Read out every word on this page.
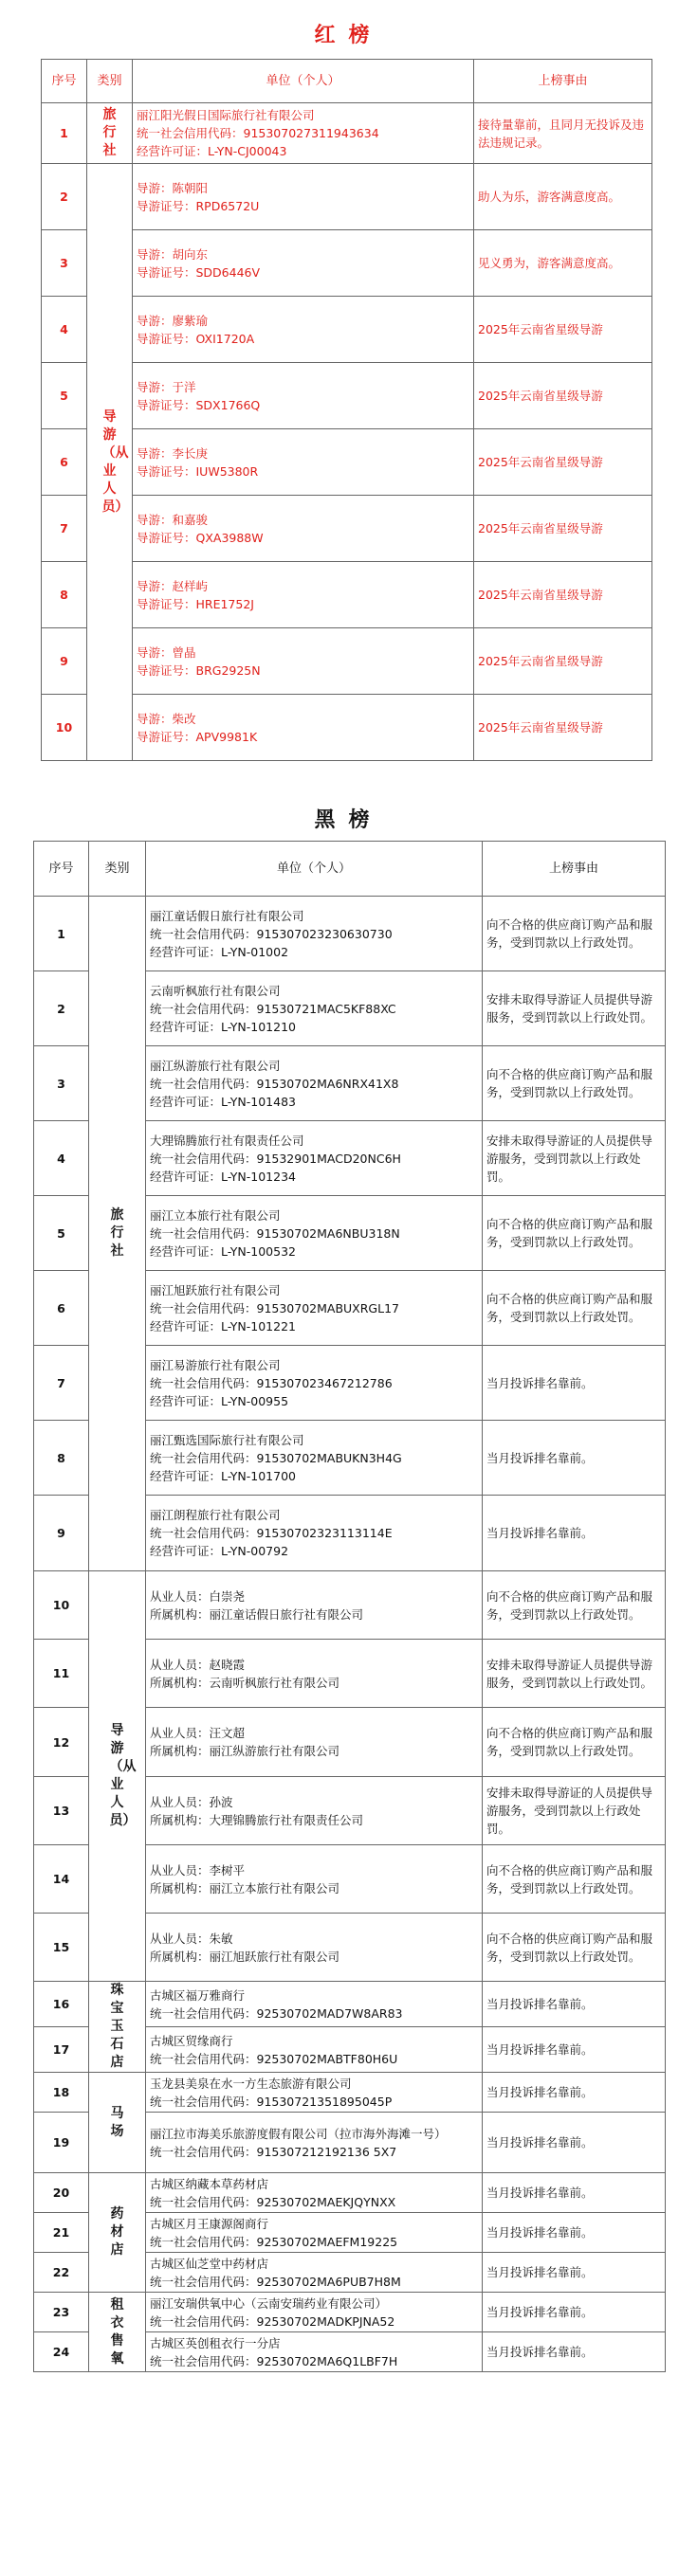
红榜
序号	类别	单位（个人）	上榜事由
1	旅行社	丽江阳光假日国际旅行社有限公司
统一社会信用代码：915307027311943634
经营许可证：L-YN-CJ00043	接待量靠前，且同月无投诉及违法违规记录。
2	导游（从业人员）	导游：陈朝阳
导游证号：RPD6572U	助人为乐，游客满意度高。
3		导游：胡向东
导游证号：SDD6446V	见义勇为，游客满意度高。
4		导游：廖紫瑜
导游证号：OXI1720A	2025年云南省星级导游
5		导游：于洋
导游证号：SDX1766Q	2025年云南省星级导游
6		导游：李长庚
导游证号：IUW5380R	2025年云南省星级导游
7		导游：和嘉骏
导游证号：QXA3988W	2025年云南省星级导游
8		导游：赵样屿
导游证号：HRE1752J	2025年云南省星级导游
9		导游：曾晶
导游证号：BRG2925N	2025年云南省星级导游
10		导游：柴改
导游证号：APV9981K	2025年云南省星级导游
黑榜
序号	类别	单位（个人）	上榜事由
1	旅行社	丽江童话假日旅行社有限公司
统一社会信用代码：915307023230630730
经营许可证：L-YN-01002	向不合格的供应商订购产品和服务，受到罚款以上行政处罚。
2		云南听枫旅行社有限公司
统一社会信用代码：91530721MAC5KF88XC
经营许可证：L-YN-101210	安排未取得导游证人员提供导游服务，受到罚款以上行政处罚。
3		丽江纵游旅行社有限公司
统一社会信用代码：91530702MA6NRX41X8
经营许可证：L-YN-101483	向不合格的供应商订购产品和服务，受到罚款以上行政处罚。
4		大理锦腾旅行社有限责任公司
统一社会信用代码：91532901MACD20NC6H
经营许可证：L-YN-101234	安排未取得导游证的人员提供导游服务，受到罚款以上行政处罚。
5		丽江立本旅行社有限公司
统一社会信用代码：91530702MA6NBU318N
经营许可证：L-YN-100532	向不合格的供应商订购产品和服务，受到罚款以上行政处罚。
6		丽江旭跃旅行社有限公司
统一社会信用代码：91530702MABUXRGL17
经营许可证：L-YN-101221	向不合格的供应商订购产品和服务，受到罚款以上行政处罚。
7		丽江易游旅行社有限公司
统一社会信用代码：915307023467212786
经营许可证：L-YN-00955	当月投诉排名靠前。
8		丽江甄选国际旅行社有限公司
统一社会信用代码：91530702MABUKN3H4G
经营许可证：L-YN-101700	当月投诉排名靠前。
9		丽江朗程旅行社有限公司
统一社会信用代码：91530702323113114E
经营许可证：L-YN-00792	当月投诉排名靠前。
10	导游（从业人员）	从业人员：白崇尧
所属机构：丽江童话假日旅行社有限公司	向不合格的供应商订购产品和服务，受到罚款以上行政处罚。
11		从业人员：赵晓霞
所属机构：云南听枫旅行社有限公司	安排未取得导游证人员提供导游服务，受到罚款以上行政处罚。
12		从业人员：汪文超
所属机构：丽江纵游旅行社有限公司	向不合格的供应商订购产品和服务，受到罚款以上行政处罚。
13		从业人员：孙波
所属机构：大理锦腾旅行社有限责任公司	安排未取得导游证的人员提供导游服务，受到罚款以上行政处罚。
14		从业人员：李树平
所属机构：丽江立本旅行社有限公司	向不合格的供应商订购产品和服务，受到罚款以上行政处罚。
15		从业人员：朱敏
所属机构：丽江旭跃旅行社有限公司	向不合格的供应商订购产品和服务，受到罚款以上行政处罚。
16	珠宝玉石店	古城区福万雅商行
统一社会信用代码：92530702MAD7W8AR83	当月投诉排名靠前。
17		古城区贸缘商行
统一社会信用代码：92530702MABTF80H6U	当月投诉排名靠前。
18	马场	玉龙县美泉在水一方生态旅游有限公司
统一社会信用代码：91530721351895045P	当月投诉排名靠前。
19		丽江拉市海美乐旅游度假有限公司（拉市海外海滩一号）
统一社会信用代码：915307212192136 5X7	当月投诉排名靠前。
20	药材店	古城区纳藏本草药材店
统一社会信用代码：92530702MAEKJQYNXX	当月投诉排名靠前。
21		古城区月王康源阁商行
统一社会信用代码：92530702MAEFM19225	当月投诉排名靠前。
22		古城区仙芝堂中药材店
统一社会信用代码：92530702MA6PUB7H8M	当月投诉排名靠前。
23	租衣售氧	丽江安瑞供氧中心（云南安瑞药业有限公司）
统一社会信用代码：92530702MADKPJNA52	当月投诉排名靠前。
24		古城区英创租衣行一分店
统一社会信用代码：92530702MA6Q1LBF7H	当月投诉排名靠前。
